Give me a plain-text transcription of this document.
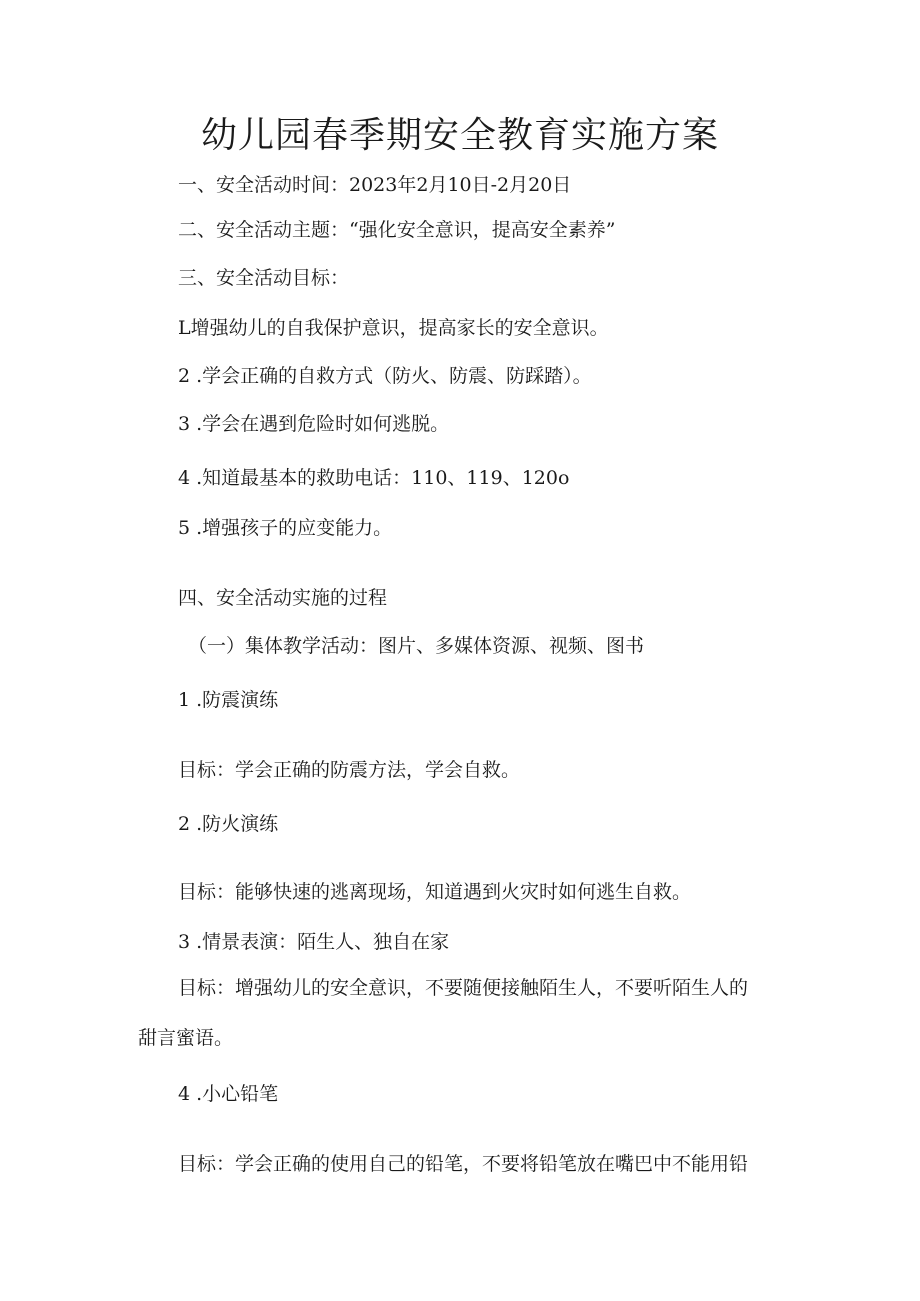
幼儿园春季期安全教育实施方案
一、安全活动时间：2023年2月10日-2月20日
二、安全活动主题：“强化安全意识，提高安全素养”
三、安全活动目标：
L增强幼儿的自我保护意识，提高家长的安全意识。
2 .学会正确的自救方式（防火、防震、防踩踏）。
3 .学会在遇到危险时如何逃脱。
4 .知道最基本的救助电话：110、119、120o
5 .增强孩子的应变能力。
四、安全活动实施的过程
（一）集体教学活动：图片、多媒体资源、视频、图书
1 .防震演练
目标：学会正确的防震方法，学会自救。
2 .防火演练
目标：能够快速的逃离现场，知道遇到火灾时如何逃生自救。
3 .情景表演：陌生人、独自在家
目标：增强幼儿的安全意识，不要随便接触陌生人，不要听陌生人的
甜言蜜语。
4 .小心铅笔
目标：学会正确的使用自己的铅笔，不要将铅笔放在嘴巴中不能用铅
